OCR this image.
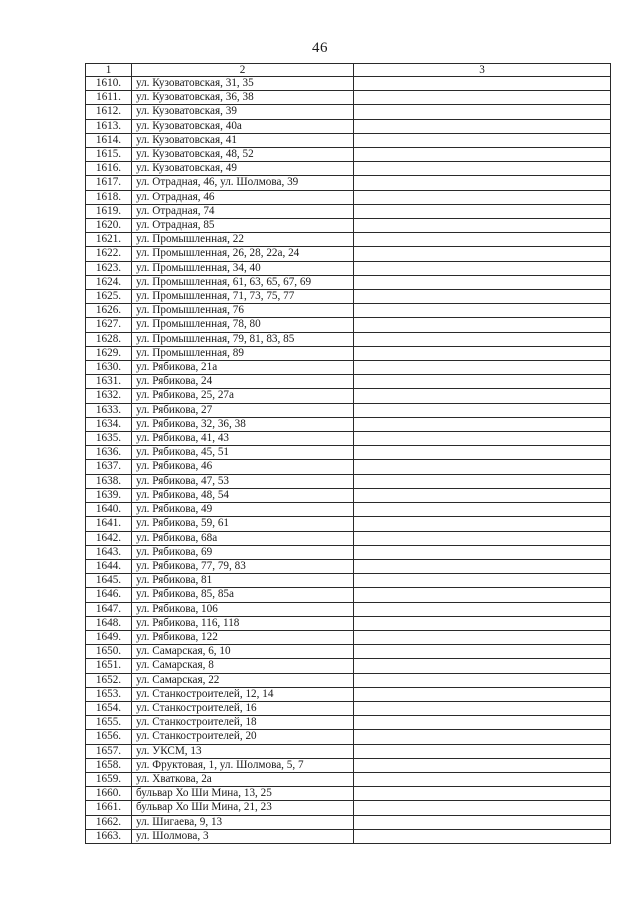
46
1	2	3
1610.	ул. Кузоватовская, 31, 35	
1611.	ул. Кузоватовская, 36, 38	
1612.	ул. Кузоватовская, 39	
1613.	ул. Кузоватовская, 40а	
1614.	ул. Кузоватовская, 41	
1615.	ул. Кузоватовская, 48, 52	
1616.	ул. Кузоватовская, 49	
1617.	ул. Отрадная, 46, ул. Шолмова, 39	
1618.	ул. Отрадная, 46	
1619.	ул. Отрадная, 74	
1620.	ул. Отрадная, 85	
1621.	ул. Промышленная, 22	
1622.	ул. Промышленная, 26, 28, 22а, 24	
1623.	ул. Промышленная, 34, 40	
1624.	ул. Промышленная, 61, 63, 65, 67, 69	
1625.	ул. Промышленная, 71, 73, 75, 77	
1626.	ул. Промышленная, 76	
1627.	ул. Промышленная, 78, 80	
1628.	ул. Промышленная, 79, 81, 83, 85	
1629.	ул. Промышленная, 89	
1630.	ул. Рябикова, 21а	
1631.	ул. Рябикова, 24	
1632.	ул. Рябикова, 25, 27а	
1633.	ул. Рябикова, 27	
1634.	ул. Рябикова, 32, 36, 38	
1635.	ул. Рябикова, 41, 43	
1636.	ул. Рябикова, 45, 51	
1637.	ул. Рябикова, 46	
1638.	ул. Рябикова, 47, 53	
1639.	ул. Рябикова, 48, 54	
1640.	ул. Рябикова, 49	
1641.	ул. Рябикова, 59, 61	
1642.	ул. Рябикова, 68а	
1643.	ул. Рябикова, 69	
1644.	ул. Рябикова, 77, 79, 83	
1645.	ул. Рябикова, 81	
1646.	ул. Рябикова, 85, 85а	
1647.	ул. Рябикова, 106	
1648.	ул. Рябикова, 116, 118	
1649.	ул. Рябикова, 122	
1650.	ул. Самарская, 6, 10	
1651.	ул. Самарская, 8	
1652.	ул. Самарская, 22	
1653.	ул. Станкостроителей, 12, 14	
1654.	ул. Станкостроителей, 16	
1655.	ул. Станкостроителей, 18	
1656.	ул. Станкостроителей, 20	
1657.	ул. УКСМ, 13	
1658.	ул. Фруктовая, 1, ул. Шолмова, 5, 7	
1659.	ул. Хваткова, 2а	
1660.	бульвар Хо Ши Мина, 13, 25	
1661.	бульвар Хо Ши Мина, 21, 23	
1662.	ул. Шигаева, 9, 13	
1663.	ул. Шолмова, 3	
